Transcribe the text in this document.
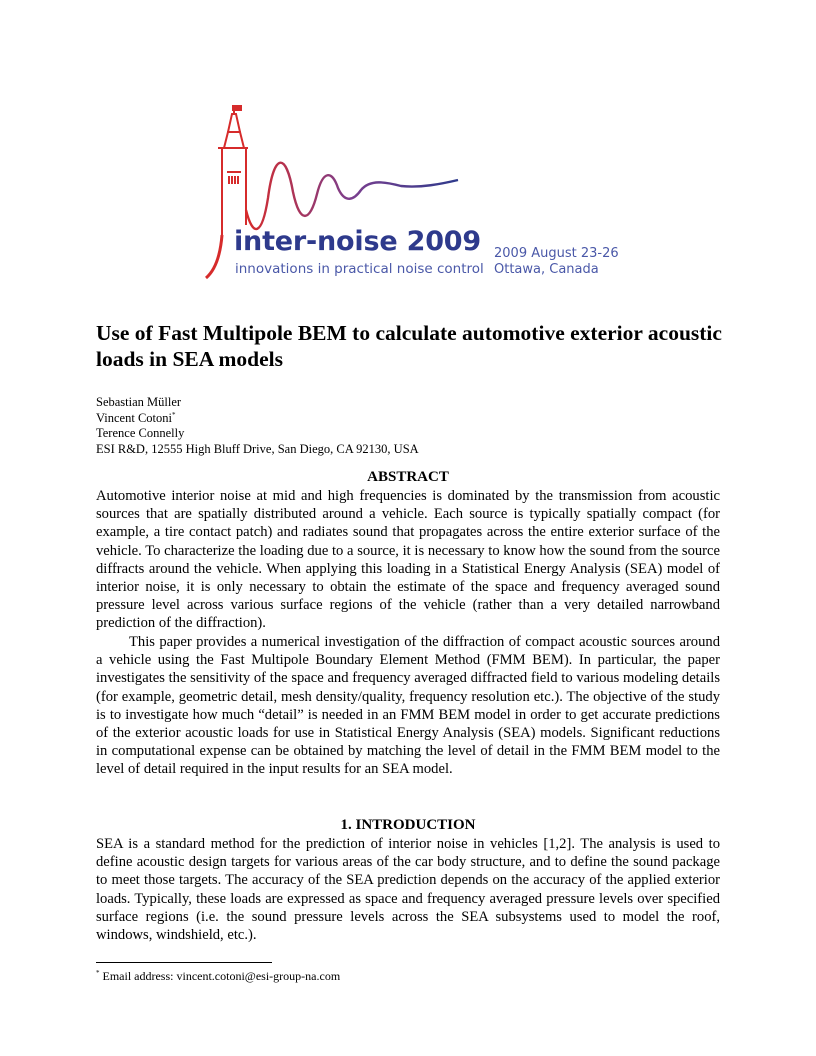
inter-noise 2009
innovations in practical noise control
2009 August 23-26
Ottawa, Canada
Use of Fast Multipole BEM to calculate automotive exterior acoustic loads in SEA models
Sebastian Müller
Vincent Cotoni*
Terence Connelly
ESI R&D, 12555 High Bluff Drive, San Diego, CA 92130, USA
ABSTRACT

Automotive interior noise at mid and high frequencies is dominated by the transmission from acoustic sources that are spatially distributed around a vehicle. Each source is typically spatially compact (for example, a tire contact patch) and radiates sound that propagates across the entire exterior surface of the vehicle. To characterize the loading due to a source, it is necessary to know how the sound from the source diffracts around the vehicle. When applying this loading in a Statistical Energy Analysis (SEA) model of interior noise, it is only necessary to obtain the estimate of the space and frequency averaged sound pressure level across various surface regions of the vehicle (rather than a very detailed narrowband prediction of the diffraction).

This paper provides a numerical investigation of the diffraction of compact acoustic sources around a vehicle using the Fast Multipole Boundary Element Method (FMM BEM). In particular, the paper investigates the sensitivity of the space and frequency averaged diffracted field to various modeling details (for example, geometric detail, mesh density/quality, frequency resolution etc.). The objective of the study is to investigate how much “detail” is needed in an FMM BEM model in order to get accurate predictions of the exterior acoustic loads for use in Statistical Energy Analysis (SEA) models. Significant reductions in computational expense can be obtained by matching the level of detail in the FMM BEM model to the level of detail required in the input results for an SEA model.

1. INTRODUCTION

SEA is a standard method for the prediction of interior noise in vehicles [1,2]. The analysis is used to define acoustic design targets for various areas of the car body structure, and to define the sound package to meet those targets. The accuracy of the SEA prediction depends on the accuracy of the applied exterior loads. Typically, these loads are expressed as space and frequency averaged pressure levels over specified surface regions (i.e. the sound pressure levels across the SEA subsystems used to model the roof, windows, windshield, etc.).

* Email address: vincent.cotoni@esi-group-na.com
